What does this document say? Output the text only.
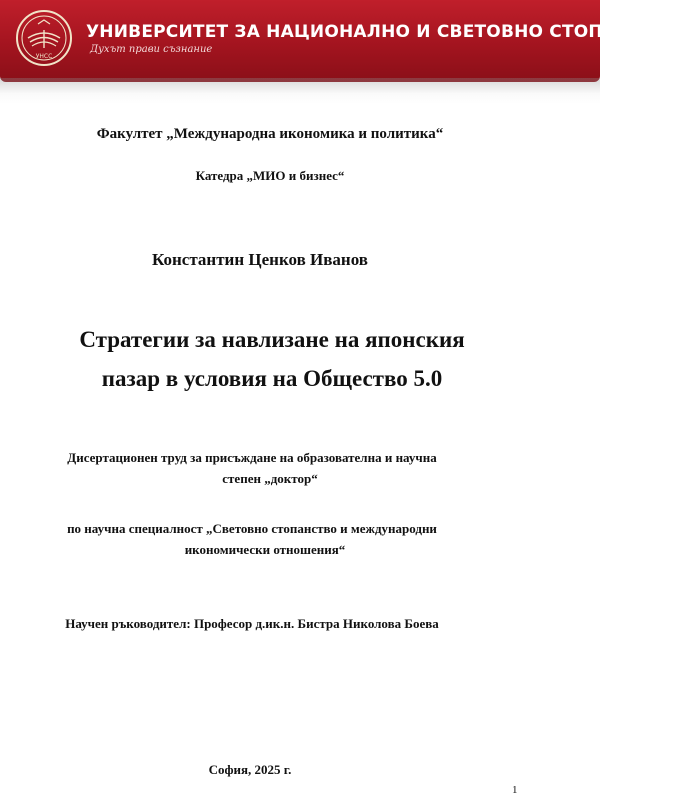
УНСС
УНИВЕРСИТЕТ ЗА НАЦИОНАЛНО И СВЕТОВНО СТОПАНСТВО
Духът прави съзнаниe
Факултет „Международна икономика и политика“
Катедра „МИО и бизнес“
Константин Ценков Иванов
Стратегии за навлизане на японския
пазар в условия на Общество 5.0
Дисертационен труд за присъждане на образователна и научна
степен „доктор“
по научна специалност „Световно стопанство и международни
икономически отношения“
Научен ръководител: Професор д.ик.н. Бистра Николова Боева
София, 2025 г.
1
